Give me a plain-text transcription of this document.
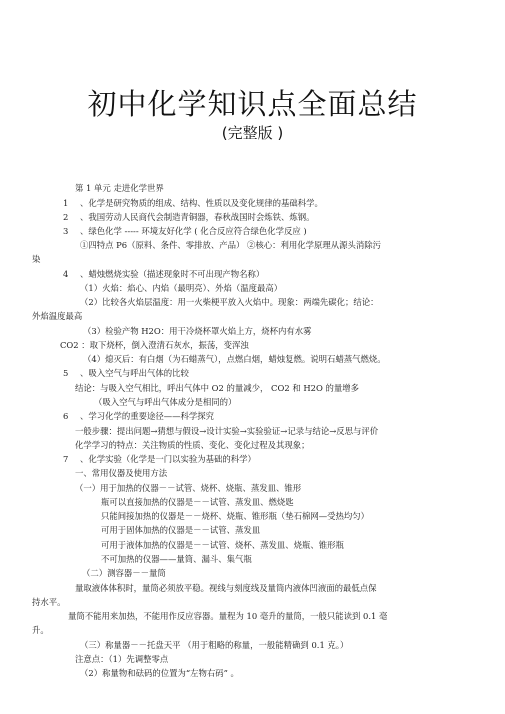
初中化学知识点全面总结
(完整版 )
第 1 单元 走进化学世界
1 、化学是研究物质的组成、结构、性质以及变化规律的基础科学。
2 、我国劳动人民商代会制造青铜器，春秋战国时会炼铁、炼钢。
3 、绿色化学 ----- 环境友好化学 ( 化合反应符合绿色化学反应 )
①四特点 P6（原料、条件、零排放、产品） ②核心：利用化学原理从源头消除污
染
4 、蜡烛燃烧实验（描述现象时不可出现产物名称）
（1）火焰：焰心、内焰（最明亮）、外焰（温度最高）
（2）比较各火焰层温度：用一火柴梗平放入火焰中。现象：两端先碳化；结论：
外焰温度最高
（3）检验产物 H2O：用干冷烧杯罩火焰上方，烧杯内有水雾
CO2 ：取下烧杯，倒入澄清石灰水，振荡，变浑浊
（4）熄灭后：有白烟（为石蜡蒸气），点燃白烟，蜡烛复燃。说明石蜡蒸气燃烧。
5 、吸入空气与呼出气体的比较
结论：与吸入空气相比，呼出气体中 O2 的量减少， CO2 和 H2O 的量增多
（吸入空气与呼出气体成分是相同的）
6 、学习化学的重要途径——科学探究
一般步骤：提出问题→猜想与假设→设计实验→实验验证→记录与结论→反思与评价
化学学习的特点：关注物质的性质、变化、变化过程及其现象；
7 、化学实验（化学是一门以实验为基础的科学）
一、常用仪器及使用方法
（一）用于加热的仪器－－试管、烧杯、烧瓶、蒸发皿、锥形
瓶可以直接加热的仪器是－－试管、蒸发皿、燃烧匙
只能间接加热的仪器是－－烧杯、烧瓶、锥形瓶（垫石棉网—受热均匀）
可用于固体加热的仪器是－－试管、蒸发皿
可用于液体加热的仪器是－－试管、烧杯、蒸发皿、烧瓶、锥形瓶
不可加热的仪器——量筒、漏斗、集气瓶
（二）测容器－－量筒
量取液体体积时，量筒必须放平稳。视线与刻度线及量筒内液体凹液面的最低点保
持水平。
量筒不能用来加热，不能用作反应容器。量程为 10 毫升的量筒，一般只能读到 0.1 毫
升。
（三）称量器－－托盘天平 （用于粗略的称量，一般能精确到 0.1 克。）
注意点：（1）先调整零点
（2）称量物和砝码的位置为“左物右码” 。
